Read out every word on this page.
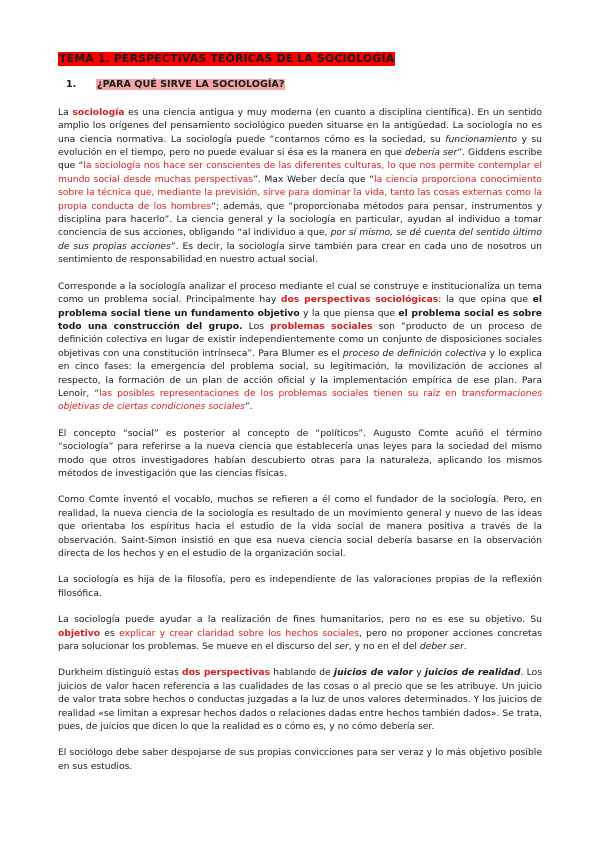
TEMA 1. PERSPECTIVAS TEÓRICAS DE LA SOCIOLOGÍA
1. ¿PARA QUÉ SIRVE LA SOCIOLOGÍA?

La sociología es una ciencia antigua y muy moderna (en cuanto a disciplina científica). En un sentido amplio los orígenes del pensamiento sociológico pueden situarse en la antigüedad. La sociología no es una ciencia normativa. La sociología puede “contarnos cómo es la sociedad, su funcionamiento y su evolución en el tiempo, pero no puede evaluar si ésa es la manera en que debería ser”. Giddens escribe que “la sociología nos hace ser conscientes de las diferentes culturas, lo que nos permite contemplar el mundo social desde muchas perspectivas”. Max Weber decía que “la ciencia proporciona conocimiento sobre la técnica que, mediante la previsión, sirve para dominar la vida, tanto las cosas externas como la propia conducta de los hombres”; además, que “proporcionaba métodos para pensar, instrumentos y disciplina para hacerlo”. La ciencia general y la sociología en particular, ayudan al individuo a tomar conciencia de sus acciones, obligando “al individuo a que, por sí mismo, se dé cuenta del sentido último de sus propias acciones”. Es decir, la sociología sirve también para crear en cada uno de nosotros un sentimiento de responsabilidad en nuestro actual social.

Corresponde a la sociología analizar el proceso mediante el cual se construye e institucionaliza un tema como un problema social. Principalmente hay dos perspectivas sociológicas: la que opina que el problema social tiene un fundamento objetivo y la que piensa que el problema social es sobre todo una construcción del grupo. Los problemas sociales son “producto de un proceso de definición colectiva en lugar de existir independientemente como un conjunto de disposiciones sociales objetivas con una constitución intrínseca”. Para Blumer es el proceso de definición colectiva y lo explica en cinco fases: la emergencia del problema social, su legitimación, la movilización de acciones al respecto, la formación de un plan de acción oficial y la implementación empírica de ese plan. Para Lenoir, “las posibles representaciones de los problemas sociales tienen su raíz en transformaciones objetivas de ciertas condiciones sociales”.

El concepto “social” es posterior al concepto de “políticos”. Augusto Comte acuñó el término “sociología” para referirse a la nueva ciencia que establecería unas leyes para la sociedad del mismo modo que otros investigadores habían descubierto otras para la naturaleza, aplicando los mismos métodos de investigación que las ciencias físicas.

Como Comte inventó el vocablo, muchos se refieren a él como el fundador de la sociología. Pero, en realidad, la nueva ciencia de la sociología es resultado de un movimiento general y nuevo de las ideas que orientaba los espíritus hacia el estudio de la vida social de manera positiva a través de la observación. Saint-Simon insistió en que esa nueva ciencia social debería basarse en la observación directa de los hechos y en el estudio de la organización social.

La sociología es hija de la filosofía, pero es independiente de las valoraciones propias de la reflexión filosófica.

La sociología puede ayudar a la realización de fines humanitarios, pero no es ese su objetivo. Su objetivo es explicar y crear claridad sobre los hechos sociales, pero no proponer acciones concretas para solucionar los problemas. Se mueve en el discurso del ser, y no en el del deber ser.

Durkheim distinguió estas dos perspectivas hablando de juicios de valor y juicios de realidad. Los juicios de valor hacen referencia a las cualidades de las cosas o al precio que se les atribuye. Un juicio de valor trata sobre hechos o conductas juzgadas a la luz de unos valores determinados. Y los juicios de realidad «se limitan a expresar hechos dados o relaciones dadas entre hechos también dados». Se trata, pues, de juicios que dicen lo que la realidad es o cómo es, y no cómo debería ser.

El sociólogo debe saber despojarse de sus propias convicciones para ser veraz y lo más objetivo posible en sus estudios.
